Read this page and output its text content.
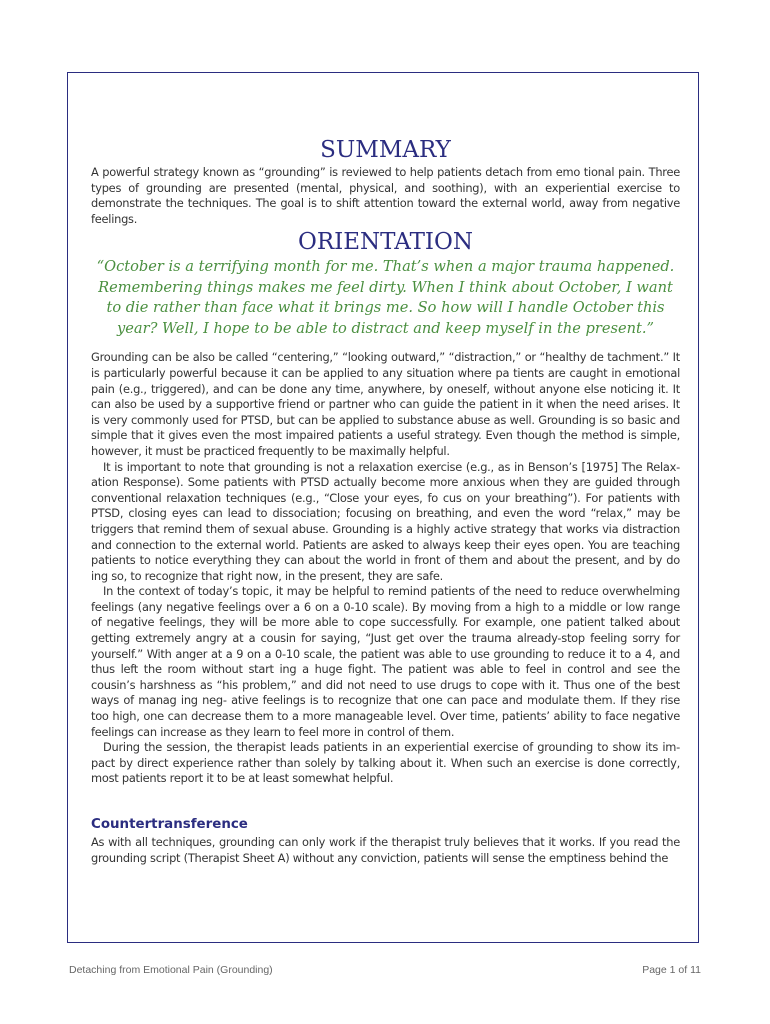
SUMMARY

A powerful strategy known as “grounding” is reviewed to help patients detach from emo tional pain. Three types of grounding are presented (mental, physical, and soothing), with an experiential exercise to demonstrate the techniques. The goal is to shift attention toward the external world, away from negative feelings.

ORIENTATION
“October is a terrifying month for me. That’s when a major trauma happened. Remembering things makes me feel dirty. When I think about October, I want to die rather than face what it brings me. So how will I handle October this year? Well, I hope to be able to distract and keep myself in the present.”

Grounding can be also be called “centering,” “looking outward,” “distraction,” or “healthy de tachment.” It is particularly powerful because it can be applied to any situation where pa tients are caught in emotional pain (e.g., triggered), and can be done any time, anywhere, by oneself, without anyone else noticing it. It can also be used by a supportive friend or partner who can guide the patient in it when the need arises. It is very commonly used for PTSD, but can be applied to substance abuse as well. Grounding is so basic and simple that it gives even the most impaired patients a useful strategy. Even though the method is simple, however, it must be practiced frequently to be maximally helpful.

It is important to note that grounding is not a relaxation exercise (e.g., as in Benson’s [1975] The Relax- ation Response). Some patients with PTSD actually become more anxious when they are guided through conventional relaxation techniques (e.g., “Close your eyes, fo cus on your breathing”). For patients with PTSD, closing eyes can lead to dissociation; focusing on breathing, and even the word “relax,” may be triggers that remind them of sexual abuse. Grounding is a highly active strategy that works via distraction and connection to the external world. Patients are asked to always keep their eyes open. You are teaching patients to notice everything they can about the world in front of them and about the present, and by do ing so, to recognize that right now, in the present, they are safe.

In the context of today’s topic, it may be helpful to remind patients of the need to reduce overwhelming feelings (any negative feelings over a 6 on a 0-10 scale). By moving from a high to a middle or low range of negative feelings, they will be more able to cope successfully. For example, one patient talked about getting extremely angry at a cousin for saying, “Just get over the trauma already-stop feeling sorry for yourself.” With anger at a 9 on a 0-10 scale, the patient was able to use grounding to reduce it to a 4, and thus left the room without start ing a huge fight. The patient was able to feel in control and see the cousin’s harshness as “his problem,” and did not need to use drugs to cope with it. Thus one of the best ways of manag ing neg- ative feelings is to recognize that one can pace and modulate them. If they rise too high, one can decrease them to a more manageable level. Over time, patients’ ability to face negative feelings can increase as they learn to feel more in control of them.

During the session, the therapist leads patients in an experiential exercise of grounding to show its im- pact by direct experience rather than solely by talking about it. When such an exercise is done correctly, most patients report it to be at least somewhat helpful.

Countertransference

As with all techniques, grounding can only work if the therapist truly believes that it works. If you read the grounding script (Therapist Sheet A) without any conviction, patients will sense the emptiness behind the

Detaching from Emotional Pain (Grounding)	Page 1 of 11
